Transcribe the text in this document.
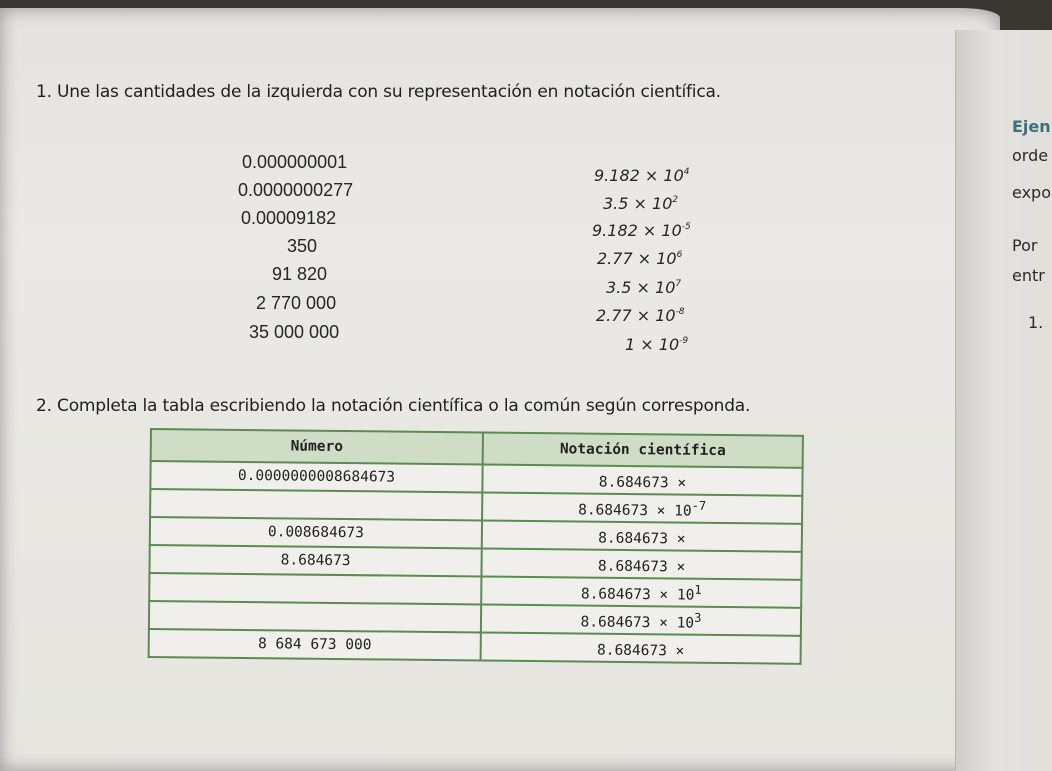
1. Une las cantidades de la izquierda con su representación en notación científica.
0.000000001
0.0000000277
0.00009182
350
91 820
2 770 000
35 000 000
$9.182 \times 10^4$
$3.5 \times 10^2$
$9.182 \times 10^{-5}$
$2.77 \times 10^6$
$3.5 \times 10^7$
$2.77 \times 10^{-8}$
$1 \times 10^{-9}$
2. Completa la tabla escribiendo la notación científica o la común según corresponda.
Número	Notación científica
0.0000000008684673	8.684673 ×
	$8.684673 \times 10^{-7}$
0.008684673	8.684673 ×
8.684673	8.684673 ×
	$8.684673 \times 10^1$
	$8.684673 \times 10^3$
8 684 673 000	8.684673 ×
Ejen
orde
expo
Por
entr
1.
